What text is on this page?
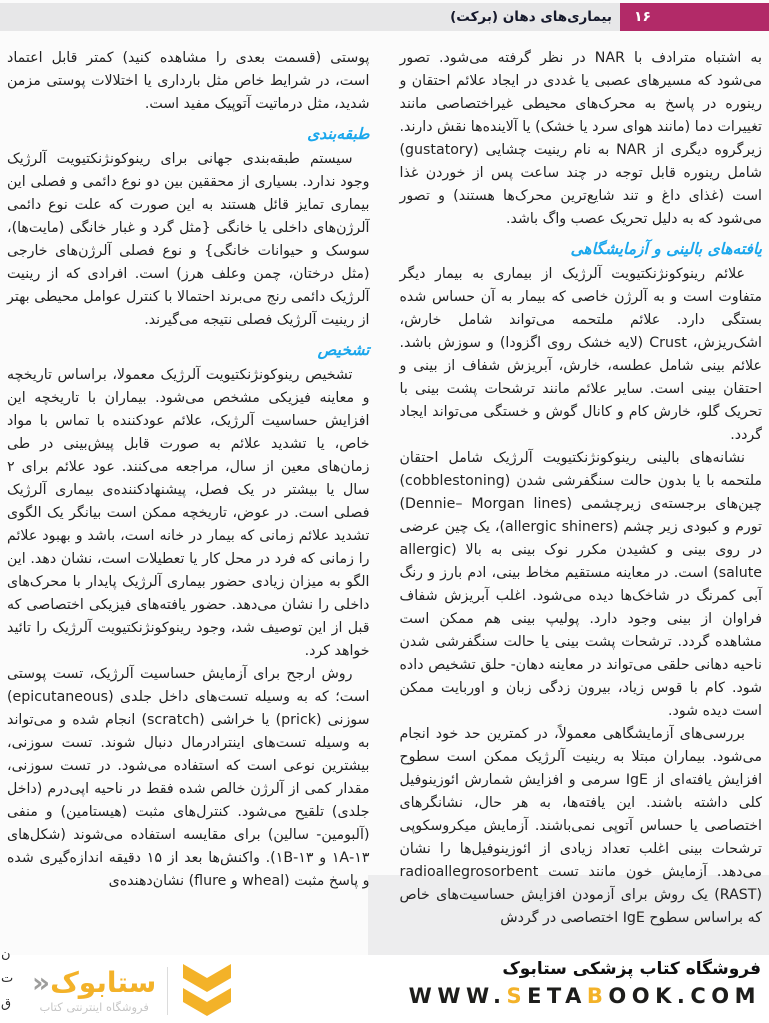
۱۶
بیماری‌های دهان (برکت)

به اشتباه مترادف با NAR در نظر گرفته می‌شود. تصور می‌شود که مسیرهای عصبی یا غددی در ایجاد علائم احتقان و رینوره در پاسخ به محرک‌های محیطی غیراختصاصی مانند تغییرات دما (مانند هوای سرد یا خشک) یا آلاینده‌ها نقش دارند. زیرگروه دیگری از NAR به نام رینیت چشایی (gustatory) شامل رینوره قابل توجه در چند ساعت پس از خوردن غذا است (غذای داغ و تند شایع‌ترین محرک‌ها هستند) و تصور می‌شود که به دلیل تحریک عصب واگ باشد.

یافته‌های بالینی و آزمایشگاهی

علائم رینوکونژنکتیویت آلرژیک از بیماری به بیمار دیگر متفاوت است و به آلرژن خاصی که بیمار به آن حساس شده بستگی دارد. علائم ملتحمه می‌تواند شامل خارش، اشک‌ریزش، Crust (لایه خشک روی اگزودا) و سوزش باشد. علائم بینی شامل عطسه، خارش، آبریزش شفاف از بینی و احتقان بینی است. سایر علائم مانند ترشحات پشت بینی با تحریک گلو، خارش کام و کانال گوش و خستگی می‌تواند ایجاد گردد.

نشانه‌های بالینی رینوکونژنکتیویت آلرژیک شامل احتقان ملتحمه با یا بدون حالت سنگفرشی شدن (cobblestoning) چین‌های برجسته‌ی زیرچشمی (Dennie– Morgan lines) تورم و کبودی زیر چشم (allergic shiners)، یک چین عرضی در روی بینی و کشیدن مکرر نوک بینی به بالا (allergic salute) است. در معاینه مستقیم مخاط بینی، ادم بارز و رنگ آبی کمرنگ در شاخک‌ها دیده می‌شود. اغلب آبریزش شفاف فراوان از بینی وجود دارد. پولیپ بینی هم ممکن است مشاهده گردد. ترشحات پشت بینی یا حالت سنگفرشی شدن ناحیه دهانی حلقی می‌تواند در معاینه دهان- حلق تشخیص داده شود. کام با قوس زیاد، بیرون زدگی زبان و اوربایت ممکن است دیده شود.

بررسی‌های آزمایشگاهی معمولاً، در کمترین حد خود انجام می‌شود. بیماران مبتلا به رینیت آلرژیک ممکن است سطوح افزایش یافته‌ای از IgE سرمی و افزایش شمارش ائوزینوفیل کلی داشته باشند. این یافته‌ها، به هر حال، نشانگرهای اختصاصی یا حساس آتوپی نمی‌باشند. آزمایش میکروسکوپی ترشحات بینی اغلب تعداد زیادی از ائوزینوفیل‌ها را نشان می‌دهد. آزمایش خون مانند تست radioallegrosorbent (RAST) یک روش برای آزمودن افزایش حساسیت‌های خاص که براساس سطوح IgE اختصاصی در گردش

پوستی (قسمت بعدی را مشاهده کنید) کمتر قابل اعتماد است، در شرایط خاص مثل بارداری یا اختلالات پوستی مزمن شدید، مثل درماتیت آتوپیک مفید است.

طبقه‌بندی

سیستم طبقه‌بندی جهانی برای رینوکونژنکتیویت آلرژیک وجود ندارد. بسیاری از محققین بین دو نوع دائمی و فصلی این بیماری تمایز قائل هستند به این صورت که علت نوع دائمی آلرژن‌های داخلی یا خانگی {مثل گرد و غبار خانگی (مایت‌ها)، سوسک و حیوانات خانگی} و نوع فصلی آلرژن‌های خارجی (مثل درختان، چمن وعلف هرز) است. افرادی که از رینیت آلرژیک دائمی رنج می‌برند احتمالا با کنترل عوامل محیطی بهتر از رینیت آلرژیک فصلی نتیجه می‌گیرند.

تشخیص

تشخیص رینوکونژنکتیویت آلرژیک معمولا، براساس تاریخچه و معاینه فیزیکی مشخص می‌شود. بیماران با تاریخچه این افزایش حساسیت آلرژیک، علائم عودکننده با تماس با مواد خاص، یا تشدید علائم به صورت قابل پیش‌بینی در طی زمان‌های معین از سال، مراجعه می‌کنند. عود علائم برای ۲ سال یا بیشتر در یک فصل، پیشنهادکننده‌ی بیماری آلرژیک فصلی است. در عوض، تاریخچه ممکن است بیانگر یک الگوی تشدید علائم زمانی که بیمار در خانه است، باشد و بهبود علائم را زمانی که فرد در محل کار یا تعطیلات است، نشان دهد. این الگو به میزان زیادی حضور بیماری آلرژیک پایدار با محرک‌های داخلی را نشان می‌دهد. حضور یافته‌های فیزیکی اختصاصی که قبل از این توصیف شد، وجود رینوکونژنکتیویت آلرژیک را تائید خواهد کرد.

روش ارجح برای آزمایش حساسیت آلرژیک، تست پوستی است؛ که به وسیله تست‌های داخل جلدی (epicutaneous) سوزنی (prick) یا خراشی (scratch) انجام شده و می‌تواند به وسیله تست‌های اینترادرمال دنبال شوند. تست سوزنی، بیشترین نوعی است که استفاده می‌شود. در تست سوزنی، مقدار کمی از آلرژن خالص شده فقط در ناحیه اپی‌درم (داخل جلدی) تلقیح می‌شود. کنترل‌های مثبت (هیستامین) و منفی (آلبومین- سالین) برای مقایسه استفاده می‌شوند (شکل‌های ۱۳-۱A و ۱۳-۱B). واکنش‌ها بعد از ۱۵ دقیقه اندازه‌گیری شده و پاسخ مثبت (wheal و flure) نشان‌دهنده‌ی

ن
ت
ق
فروشگاه کتاب پزشکی ستابوک
WWW.SETABOOK.COM
ستابوک«
فروشگاه اینترنتی کتاب
